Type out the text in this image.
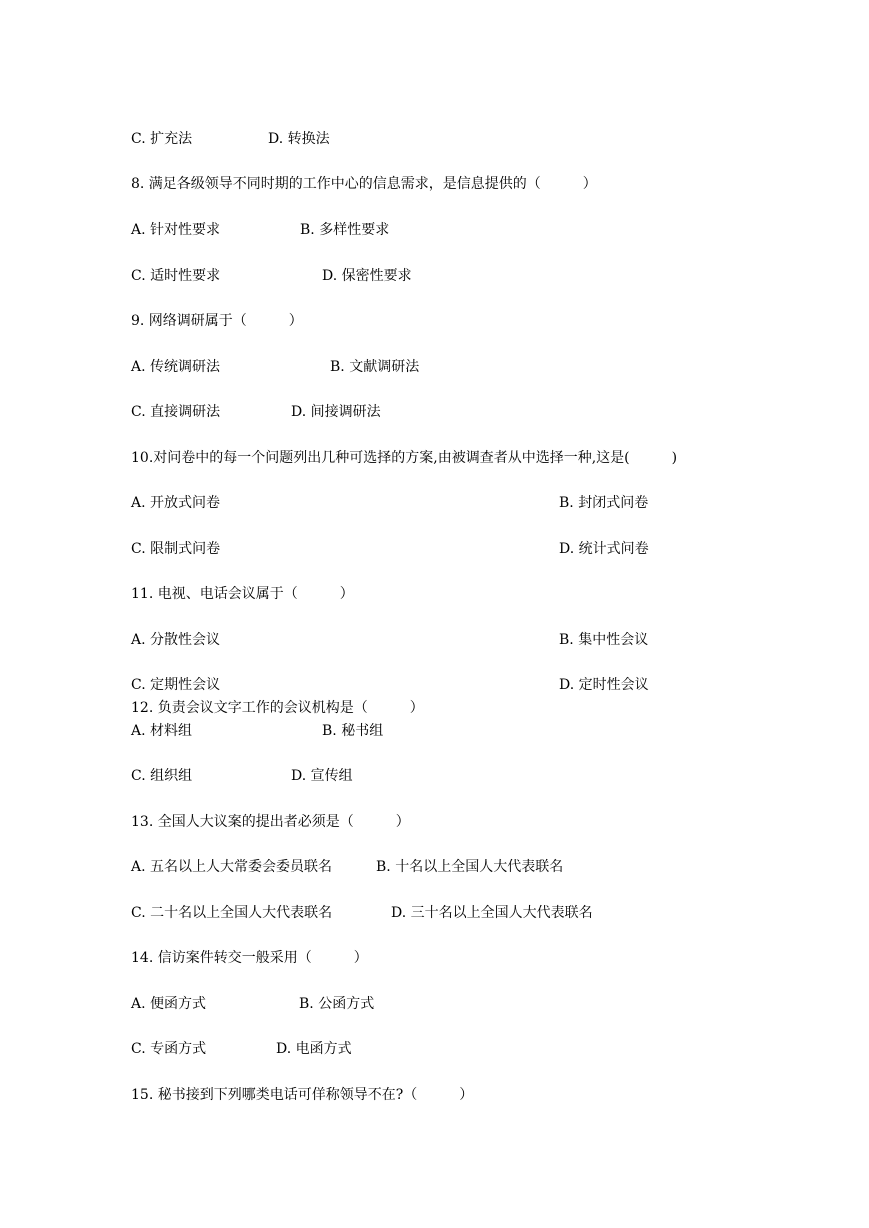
C. 扩充法	D. 转换法
8. 满足各级领导不同时期的工作中心的信息需求，是信息提供的（　　　）
A. 针对性要求	B. 多样性要求
C. 适时性要求	D. 保密性要求
9. 网络调研属于（　　　）
A. 传统调研法	B. 文献调研法
C. 直接调研法	D. 间接调研法
10.对问卷中的每一个问题列出几种可选择的方案,由被调查者从中选择一种,这是(　　　)
A. 开放式问卷	B. 封闭式问卷
C. 限制式问卷	D. 统计式问卷
11. 电视、电话会议属于（　　　）
A. 分散性会议	B. 集中性会议
C. 定期性会议	D. 定时性会议
12. 负责会议文字工作的会议机构是（　　　）
A. 材料组	B. 秘书组
C. 组织组	D. 宣传组
13. 全国人大议案的提出者必须是（　　　）
A. 五名以上人大常委会委员联名	B. 十名以上全国人大代表联名
C. 二十名以上全国人大代表联名	D. 三十名以上全国人大代表联名
14. 信访案件转交一般采用（　　　）
A. 便函方式	B. 公函方式
C. 专函方式	D. 电函方式
15. 秘书接到下列哪类电话可佯称领导不在?（　　　）
